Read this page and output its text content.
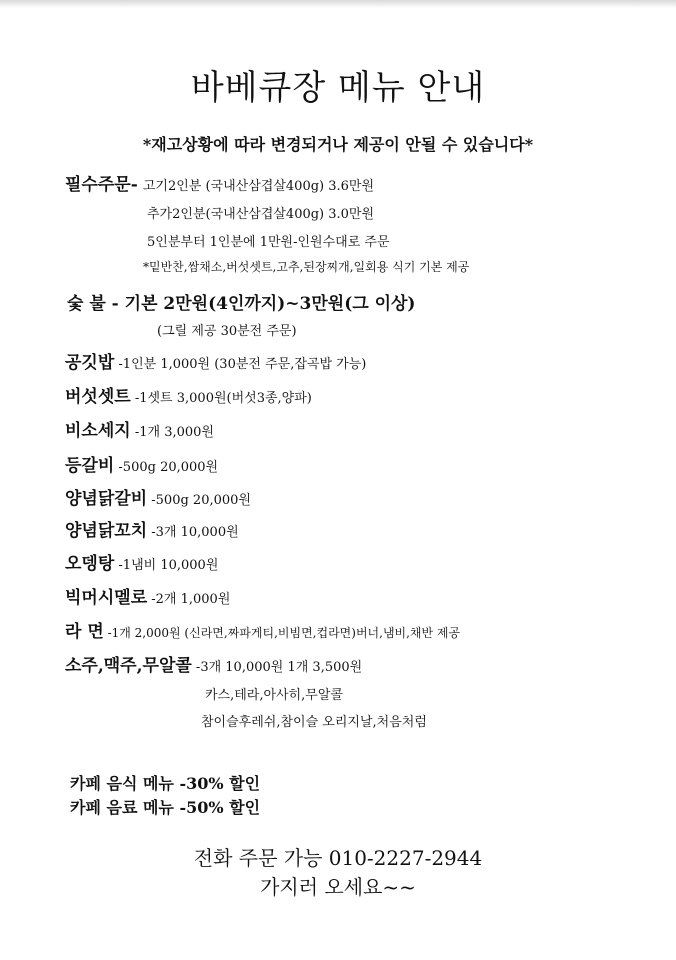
바베큐장 메뉴 안내
*재고상황에 따라 변경되거나 제공이 안될 수 있습니다*
필수주문- 고기2인분 (국내산삼겹살400g) 3.6만원
추가2인분(국내산삼겹살400g) 3.0만원
5인분부터 1인분에 1만원-인원수대로 주문
*밑반찬,쌈채소,버섯셋트,고추,된장찌개,일회용 식기 기본 제공
숯 불 - 기본 2만원(4인까지)~3만원(그 이상)
(그릴 제공 30분전 주문)
공깃밥 -1인분 1,000원 (30분전 주문,잡곡밥 가능)
버섯셋트 -1셋트 3,000원(버섯3종,양파)
비소세지 -1개 3,000원
등갈비 -500g 20,000원
양념닭갈비 -500g 20,000원
양념닭꼬치 -3개 10,000원
오뎅탕 -1냄비 10,000원
빅머시멜로 -2개 1,000원
라 면 -1개 2,000원 (신라면,짜파게티,비빔면,컵라면)버너,냄비,채반 제공
소주,맥주,무알콜 -3개 10,000원 1개 3,500원
카스,테라,아사히,무알콜
참이슬후레쉬,참이슬 오리지날,처음처럼
카페 음식 메뉴 -30% 할인
카페 음료 메뉴 -50% 할인
전화 주문 가능 010-2227-2944
가지러 오세요~~
